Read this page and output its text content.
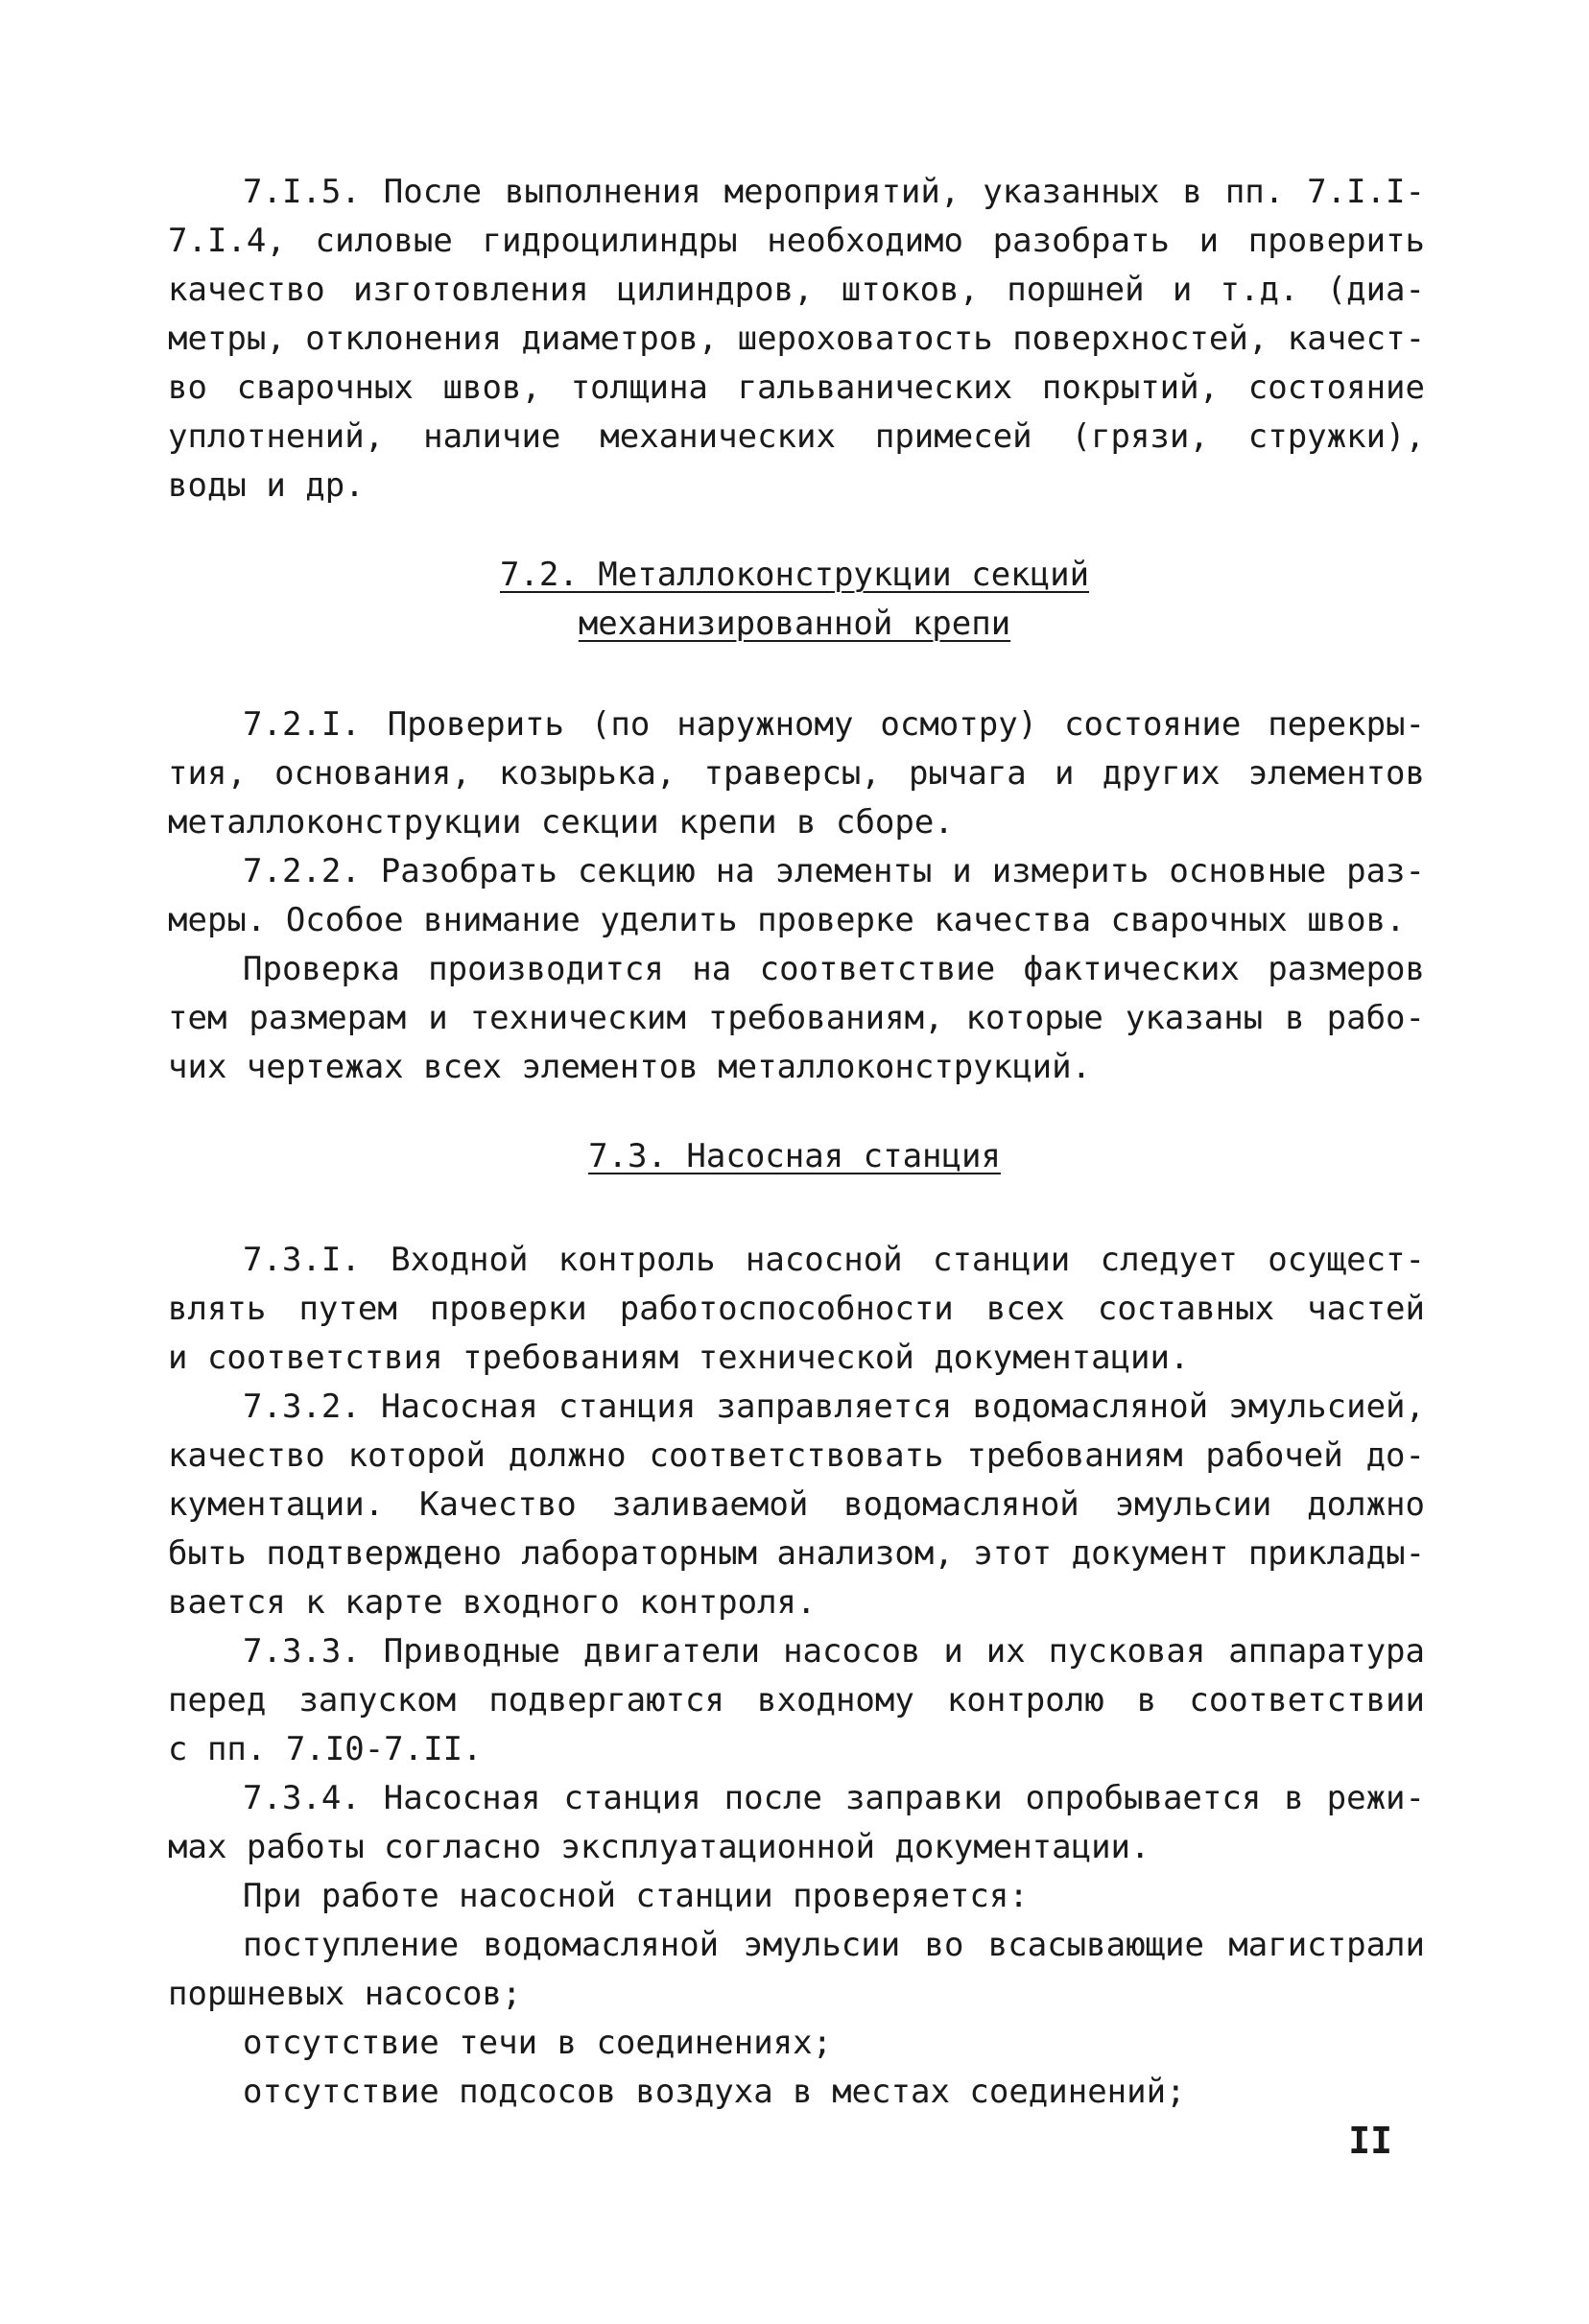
7.I.5. После выполнения мероприятий, указанных в пп. 7.I.I-
7.I.4, силовые гидроцилиндры необходимо разобрать и проверить
качество изготовления цилиндров, штоков, поршней и т.д. (диа-
метры, отклонения диаметров, шероховатость поверхностей, качест-
во сварочных швов, толщина гальванических покрытий, состояние
уплотнений, наличие механических примесей (грязи, стружки),
воды и др.
7.2. Металлоконструкции секций
механизированной крепи
7.2.I. Проверить (по наружному осмотру) состояние перекры-
тия, основания, козырька, траверсы, рычага и других элементов
металлоконструкции секции крепи в сборе.
7.2.2. Разобрать секцию на элементы и измерить основные раз-
меры. Особое внимание уделить проверке качества сварочных швов.
Проверка производится на соответствие фактических размеров
тем размерам и техническим требованиям, которые указаны в рабо-
чих чертежах всех элементов металлоконструкций.
7.3. Насосная станция
7.3.I. Входной контроль насосной станции следует осущест-
влять путем проверки работоспособности всех составных частей
и соответствия требованиям технической документации.
7.3.2. Насосная станция заправляется водомасляной эмульсией,
качество которой должно соответствовать требованиям рабочей до-
кументации. Качество заливаемой водомасляной эмульсии должно
быть подтверждено лабораторным анализом, этот документ приклады-
вается к карте входного контроля.
7.3.3. Приводные двигатели насосов и их пусковая аппаратура
перед запуском подвергаются входному контролю в соответствии
с пп. 7.I0-7.II.
7.3.4. Насосная станция после заправки опробывается в режи-
мах работы согласно эксплуатационной документации.
При работе насосной станции проверяется:
поступление водомасляной эмульсии во всасывающие магистрали
поршневых насосов;
отсутствие течи в соединениях;
отсутствие подсосов воздуха в местах соединений;
II
